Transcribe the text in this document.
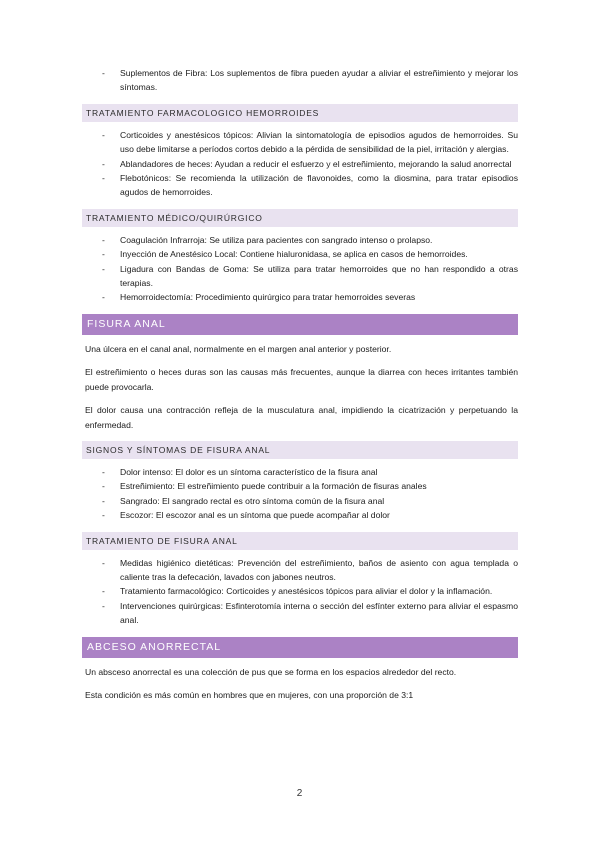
- Suplementos de Fibra: Los suplementos de fibra pueden ayudar a aliviar el estreñimiento y mejorar los síntomas.
TRATAMIENTO FARMACOLOGICO HEMORROIDES
- Corticoides y anestésicos tópicos: Alivian la sintomatología de episodios agudos de hemorroides. Su uso debe limitarse a períodos cortos debido a la pérdida de sensibilidad de la piel, irritación y alergias.
- Ablandadores de heces: Ayudan a reducir el esfuerzo y el estreñimiento, mejorando la salud anorrectal
- Flebotónicos: Se recomienda la utilización de flavonoides, como la diosmina, para tratar episodios agudos de hemorroides.
TRATAMIENTO MÉDICO/QUIRÚRGICO
- Coagulación Infrarroja: Se utiliza para pacientes con sangrado intenso o prolapso.
- Inyección de Anestésico Local: Contiene hialuronidasa, se aplica en casos de hemorroides.
- Ligadura con Bandas de Goma: Se utiliza para tratar hemorroides que no han respondido a otras terapias.
- Hemorroidectomía: Procedimiento quirúrgico para tratar hemorroides severas
FISURA ANAL

Una úlcera en el canal anal, normalmente en el margen anal anterior y posterior.

El estreñimiento o heces duras son las causas más frecuentes, aunque la diarrea con heces irritantes también puede provocarla.

El dolor causa una contracción refleja de la musculatura anal, impidiendo la cicatrización y perpetuando la enfermedad.

SIGNOS Y SÍNTOMAS DE FISURA ANAL
- Dolor intenso: El dolor es un síntoma característico de la fisura anal
- Estreñimiento: El estreñimiento puede contribuir a la formación de fisuras anales
- Sangrado: El sangrado rectal es otro síntoma común de la fisura anal
- Escozor: El escozor anal es un síntoma que puede acompañar al dolor
TRATAMIENTO DE FISURA ANAL
- Medidas higiénico dietéticas: Prevención del estreñimiento, baños de asiento con agua templada o caliente tras la defecación, lavados con jabones neutros.
- Tratamiento farmacológico: Corticoides y anestésicos tópicos para aliviar el dolor y la inflamación.
- Intervenciones quirúrgicas: Esfinterotomía interna o sección del esfínter externo para aliviar el espasmo anal.
ABCESO ANORRECTAL

Un absceso anorrectal es una colección de pus que se forma en los espacios alrededor del recto.

Esta condición es más común en hombres que en mujeres, con una proporción de 3:1

2
